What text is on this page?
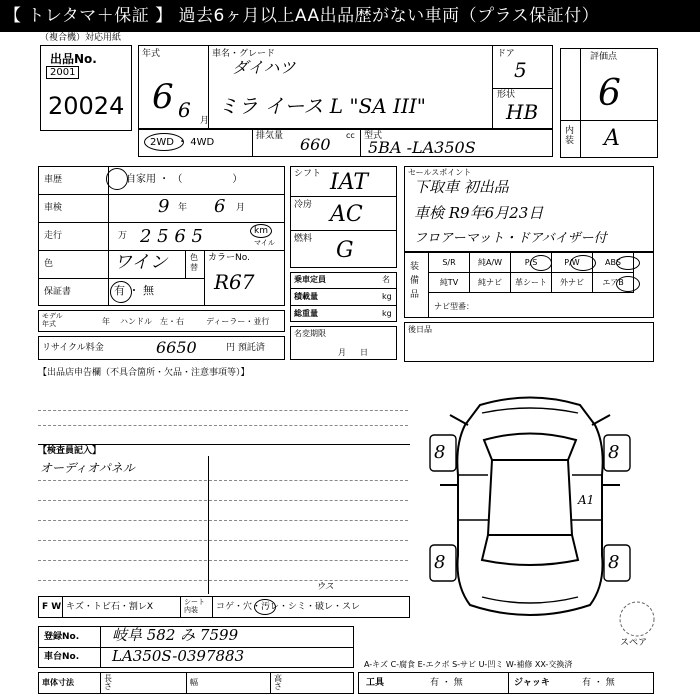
【 トレタマ＋保証 】 過去6ヶ月以上AA出品歴がない車両（プラス保証付）
（複合機）対応用紙
出品No.
2001
20024
年式
6 6 月
車名・グレード
ダイハツ
ミラ イース L "SA III"
ドア
5
形状
HB
2WD ・ 4WD
排気量 660 cc 型式
5BA -LA350S
評価点
6
内装 A
車歴	自家用 ・ （　　　　　）
車検	9 年 6 月
走行	万 2 5 6 5	km
マイル
色	ワイン	色替
保証書	有 ・ 無
カラーNo.
R67
モデル年式	年 ハンドル　左・右	ディーラー・並行
リサイクル料金	6650	円 預託済
シフト IAT
冷房 AC
燃料 G
乗車定員	名
積載量	kg
総重量	kg
名変期限
月日
セールスポイント
下取車 初出品
車検 R9年6月23日
フロアーマット・ドアバイザー付
装備品
S/R	純A/W	P/S	P/W	ABS
純TV	純ナビ	革シート	外ナビ	エアB
ナビ型番：
後日品
【出品店申告欄（不具合箇所・欠品・注意事項等）】
【検査員記入】
オーディオパネル
F W キズ・トビ石・割レX	シート内装	コゲ・穴・汚レ・シミ・破レ・スレ
ウス
8	8
8	8
A1
スペア
登録No. 岐阜 582 み 7599
車台No. LA350S-0397883
車体寸法	長さ	幅	高さ
A-キズ C-腐食 E-エクボ S-サビ U-凹ミ W-補修 XX-交換済
工具	有 ・ 無	ジャッキ	有 ・ 無
